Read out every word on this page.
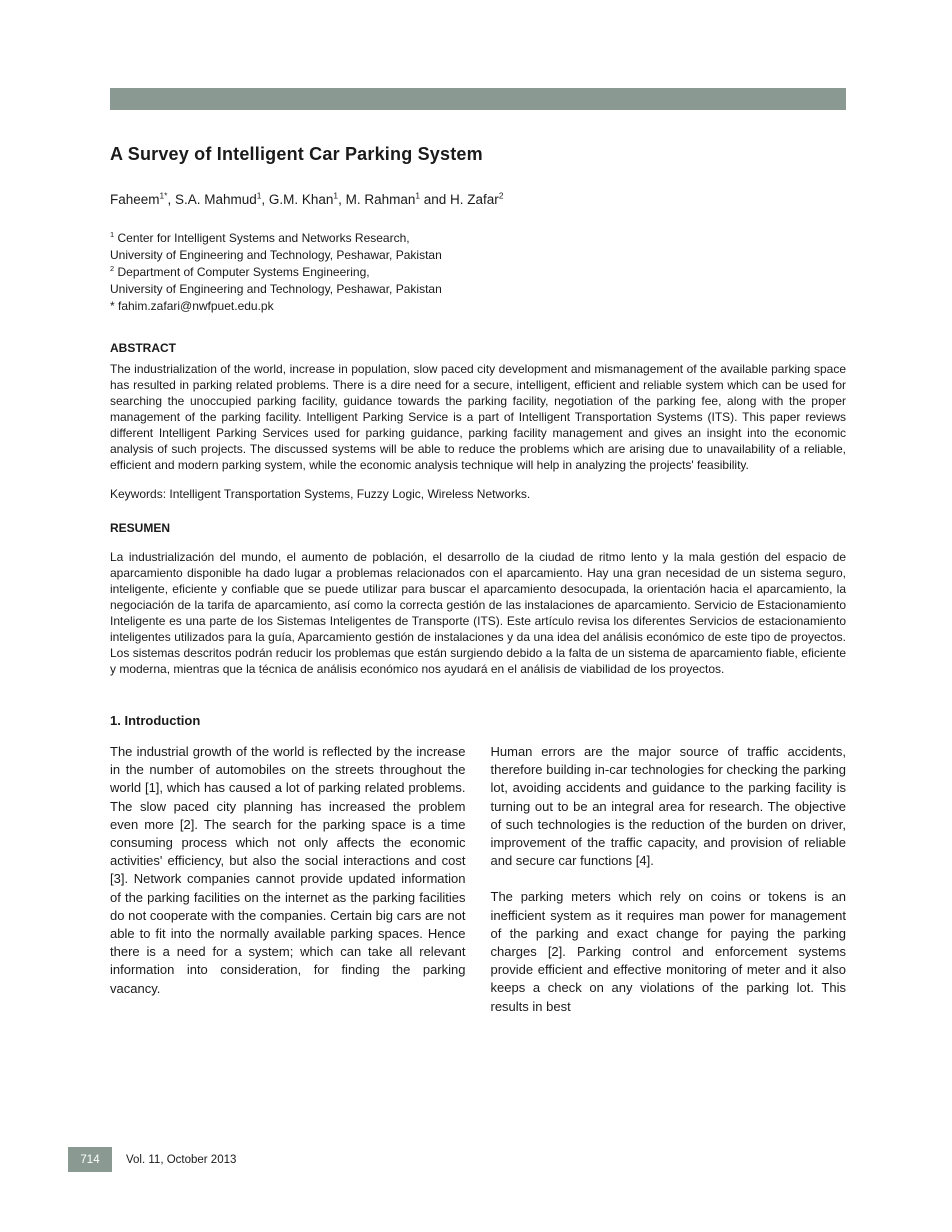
A Survey of Intelligent Car Parking System

Faheem$^{1*}$, S.A. Mahmud$^1$, G.M. Khan$^1$, M. Rahman$^1$ and H. Zafar$^2$

$^1$ Center for Intelligent Systems and Networks Research,
University of Engineering and Technology, Peshawar, Pakistan
$^2$ Department of Computer Systems Engineering,
University of Engineering and Technology, Peshawar, Pakistan
* fahim.zafari@nwfpuet.edu.pk
ABSTRACT

The industrialization of the world, increase in population, slow paced city development and mismanagement of the available parking space has resulted in parking related problems. There is a dire need for a secure, intelligent, efficient and reliable system which can be used for searching the unoccupied parking facility, guidance towards the parking facility, negotiation of the parking fee, along with the proper management of the parking facility. Intelligent Parking Service is a part of Intelligent Transportation Systems (ITS). This paper reviews different Intelligent Parking Services used for parking guidance, parking facility management and gives an insight into the economic analysis of such projects. The discussed systems will be able to reduce the problems which are arising due to unavailability of a reliable, efficient and modern parking system, while the economic analysis technique will help in analyzing the projects' feasibility.

Keywords: Intelligent Transportation Systems, Fuzzy Logic, Wireless Networks.

RESUMEN

La industrialización del mundo, el aumento de población, el desarrollo de la ciudad de ritmo lento y la mala gestión del espacio de aparcamiento disponible ha dado lugar a problemas relacionados con el aparcamiento. Hay una gran necesidad de un sistema seguro, inteligente, eficiente y confiable que se puede utilizar para buscar el aparcamiento desocupada, la orientación hacia el aparcamiento, la negociación de la tarifa de aparcamiento, así como la correcta gestión de las instalaciones de aparcamiento. Servicio de Estacionamiento Inteligente es una parte de los Sistemas Inteligentes de Transporte (ITS). Este artículo revisa los diferentes Servicios de estacionamiento inteligentes utilizados para la guía, Aparcamiento gestión de instalaciones y da una idea del análisis económico de este tipo de proyectos. Los sistemas descritos podrán reducir los problemas que están surgiendo debido a la falta de un sistema de aparcamiento fiable, eficiente y moderna, mientras que la técnica de análisis económico nos ayudará en el análisis de viabilidad de los proyectos.

1. Introduction

The industrial growth of the world is reflected by the increase in the number of automobiles on the streets throughout the world [1], which has caused a lot of parking related problems. The slow paced city planning has increased the problem even more [2]. The search for the parking space is a time consuming process which not only affects the economic activities' efficiency, but also the social interactions and cost [3]. Network companies cannot provide updated information of the parking facilities on the internet as the parking facilities do not cooperate with the companies. Certain big cars are not able to fit into the normally available parking spaces. Hence there is a need for a system; which can take all relevant information into consideration, for finding the parking vacancy.

Human errors are the major source of traffic accidents, therefore building in-car technologies for checking the parking lot, avoiding accidents and guidance to the parking facility is turning out to be an integral area for research. The objective of such technologies is the reduction of the burden on driver, improvement of the traffic capacity, and provision of reliable and secure car functions [4].

The parking meters which rely on coins or tokens is an inefficient system as it requires man power for management of the parking and exact change for paying the parking charges [2]. Parking control and enforcement systems provide efficient and effective monitoring of meter and it also keeps a check on any violations of the parking lot. This results in best

714	Vol. 11, October 2013
